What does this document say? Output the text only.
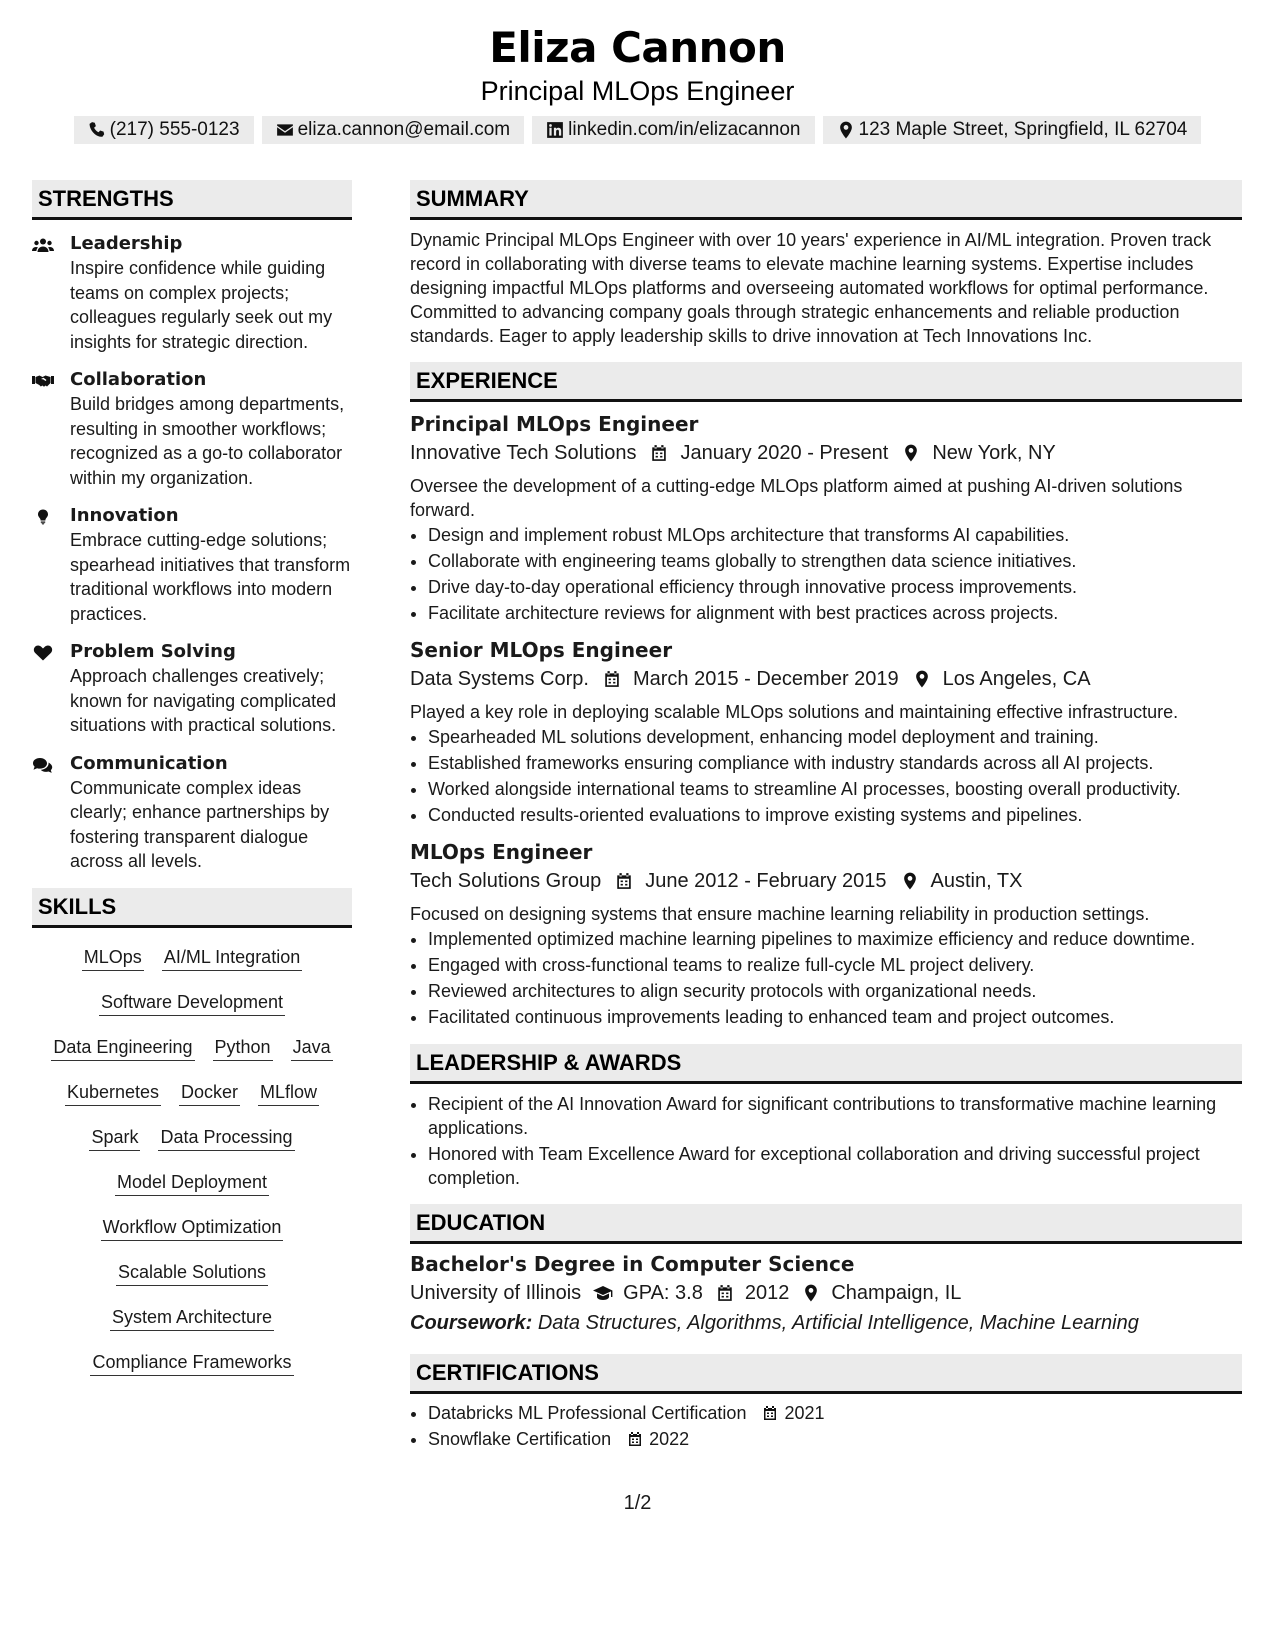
Eliza Cannon
Principal MLOps Engineer
(217) 555-0123	eliza.cannon@email.com	linkedin.com/in/elizacannon	123 Maple Street, Springfield, IL 62704
STRENGTHS
Leadership
Inspire confidence while guiding teams on complex projects; colleagues regularly seek out my insights for strategic direction.
Collaboration
Build bridges among departments, resulting in smoother workflows; recognized as a go-to collaborator within my organization.
Innovation
Embrace cutting-edge solutions; spearhead initiatives that transform traditional workflows into modern practices.
Problem Solving
Approach challenges creatively; known for navigating complicated situations with practical solutions.
Communication
Communicate complex ideas clearly; enhance partnerships by fostering transparent dialogue across all levels.
SKILLS
MLOps AI/ML Integration
Software Development
Data Engineering Python Java
Kubernetes Docker MLflow
Spark Data Processing
Model Deployment
Workflow Optimization
Scalable Solutions
System Architecture
Compliance Frameworks
SUMMARY
Dynamic Principal MLOps Engineer with over 10 years' experience in AI/ML integration. Proven track record in collaborating with diverse teams to elevate machine learning systems. Expertise includes designing impactful MLOps platforms and overseeing automated workflows for optimal performance. Committed to advancing company goals through strategic enhancements and reliable production standards. Eager to apply leadership skills to drive innovation at Tech Innovations Inc.
EXPERIENCE
Principal MLOps Engineer
Innovative Tech Solutions January 2020 - Present New York, NY
Oversee the development of a cutting-edge MLOps platform aimed at pushing AI-driven solutions forward.
• Design and implement robust MLOps architecture that transforms AI capabilities.
• Collaborate with engineering teams globally to strengthen data science initiatives.
• Drive day-to-day operational efficiency through innovative process improvements.
• Facilitate architecture reviews for alignment with best practices across projects.
Senior MLOps Engineer
Data Systems Corp. March 2015 - December 2019 Los Angeles, CA
Played a key role in deploying scalable MLOps solutions and maintaining effective infrastructure.
• Spearheaded ML solutions development, enhancing model deployment and training.
• Established frameworks ensuring compliance with industry standards across all AI projects.
• Worked alongside international teams to streamline AI processes, boosting overall productivity.
• Conducted results-oriented evaluations to improve existing systems and pipelines.
MLOps Engineer
Tech Solutions Group June 2012 - February 2015 Austin, TX
Focused on designing systems that ensure machine learning reliability in production settings.
• Implemented optimized machine learning pipelines to maximize efficiency and reduce downtime.
• Engaged with cross-functional teams to realize full-cycle ML project delivery.
• Reviewed architectures to align security protocols with organizational needs.
• Facilitated continuous improvements leading to enhanced team and project outcomes.
LEADERSHIP & AWARDS
• Recipient of the AI Innovation Award for significant contributions to transformative machine learning applications.
• Honored with Team Excellence Award for exceptional collaboration and driving successful project completion.
EDUCATION
Bachelor's Degree in Computer Science
University of Illinois GPA: 3.8 2012 Champaign, IL
Coursework: Data Structures, Algorithms, Artificial Intelligence, Machine Learning
CERTIFICATIONS
• Databricks ML Professional Certification 2021
• Snowflake Certification 2022
1/2
